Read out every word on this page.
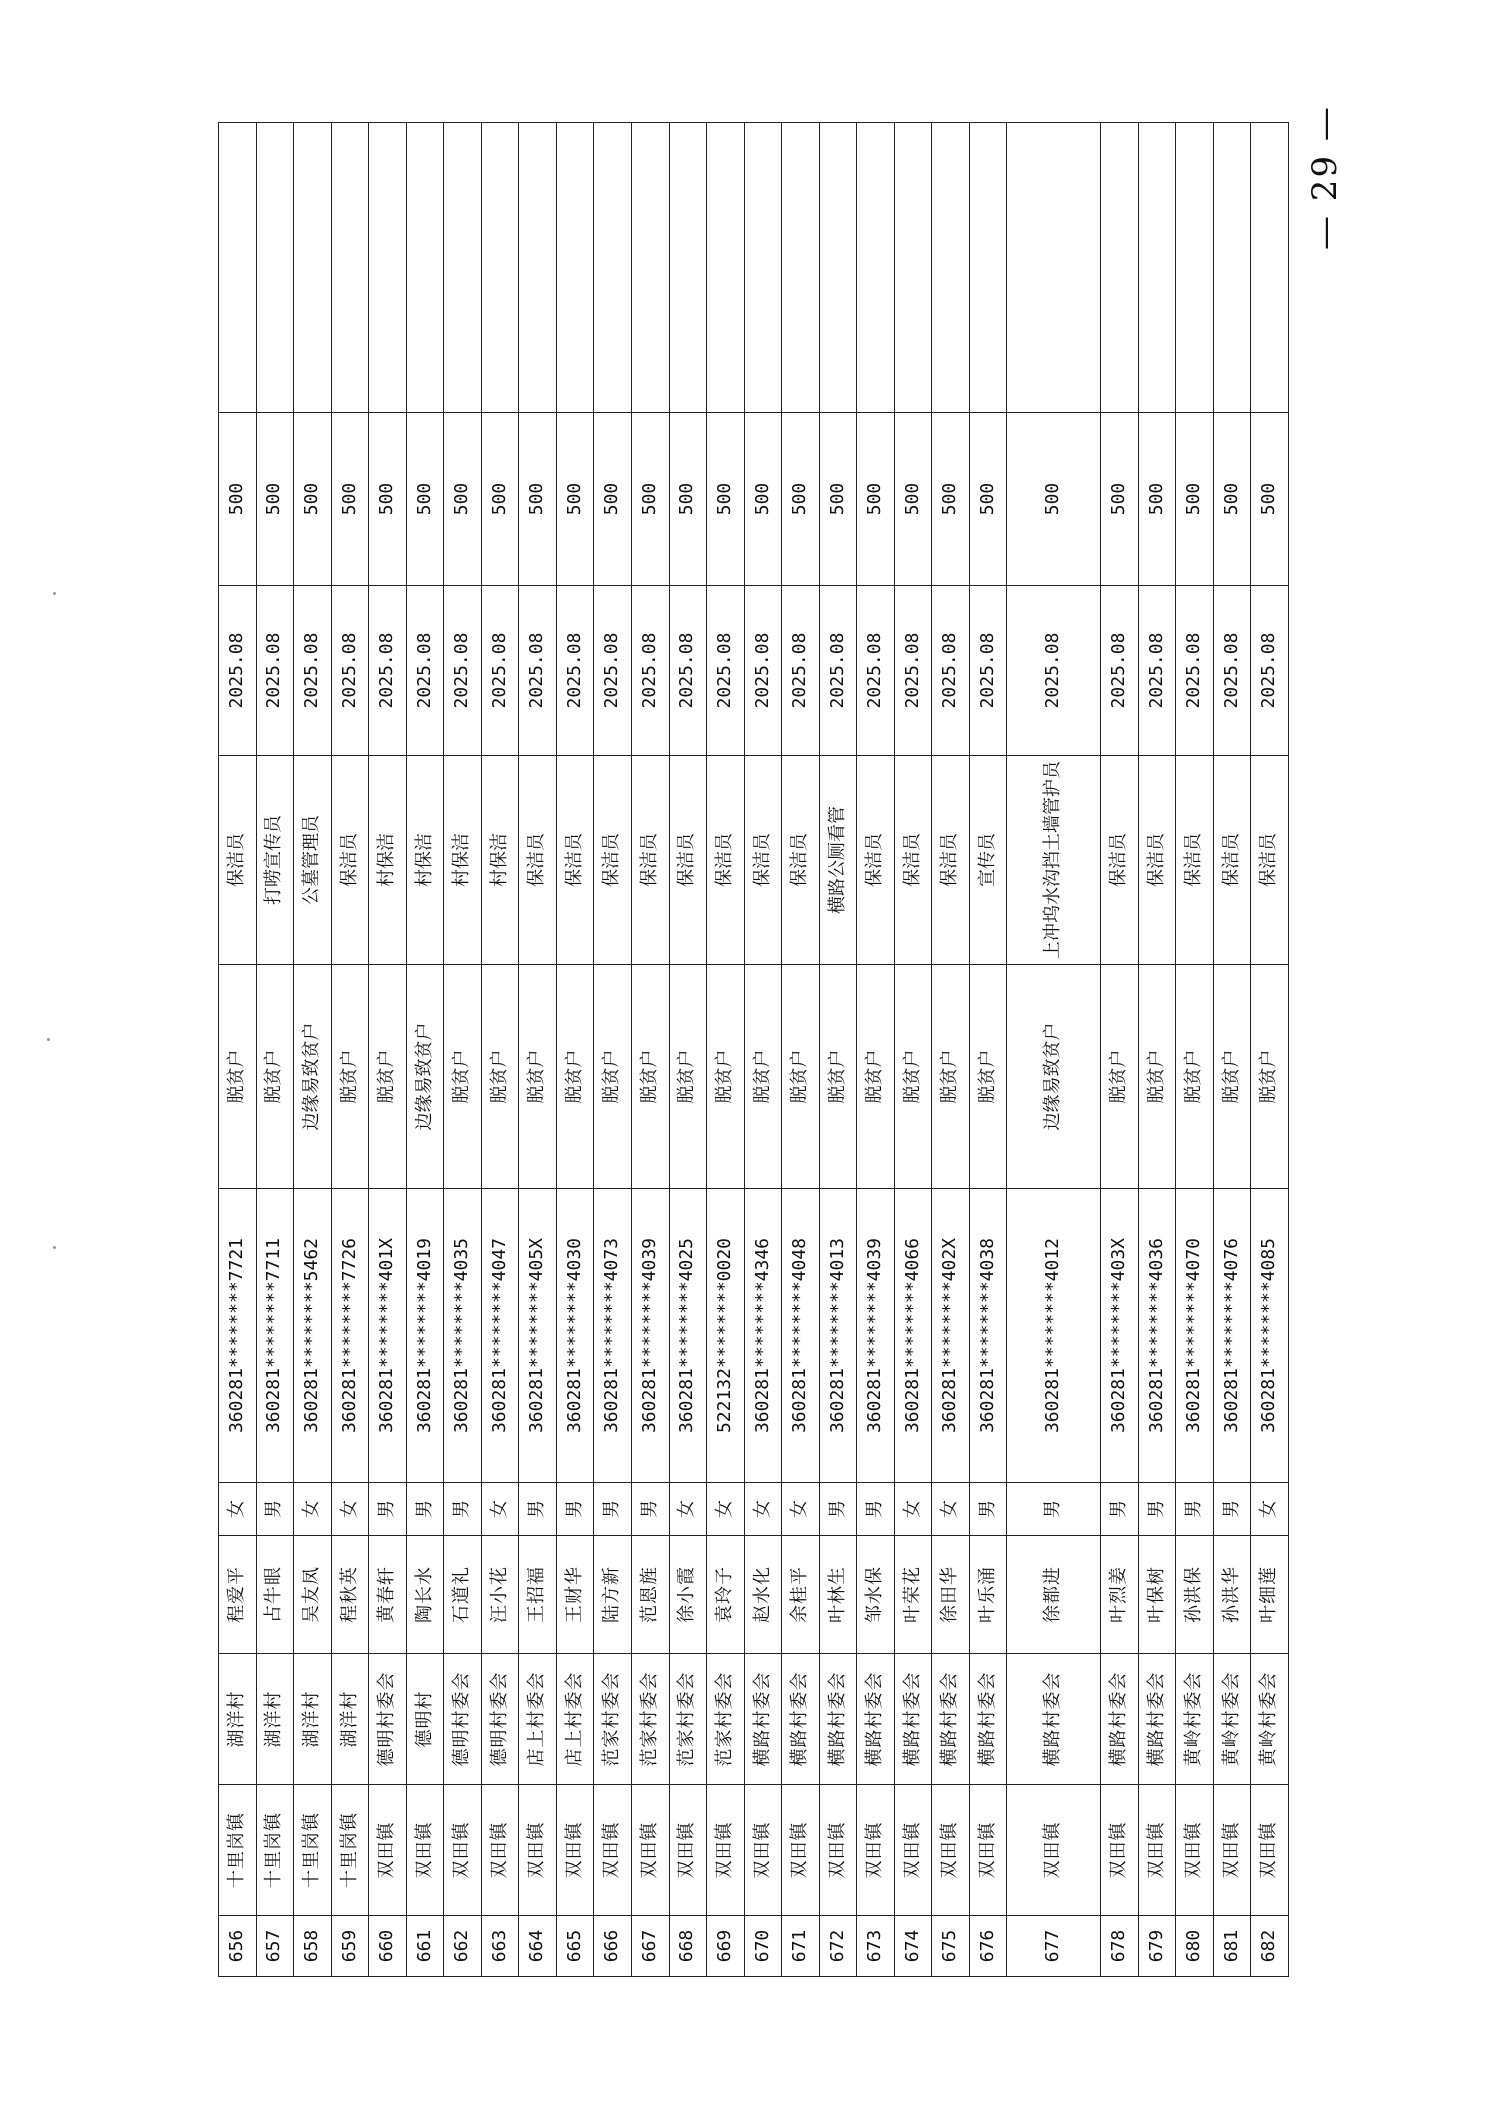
656	十里岗镇	湖洋村	程爱平	女	360281********7721	脱贫户	保洁员	2025.08	500	
657	十里岗镇	湖洋村	占牛眼	男	360281********7711	脱贫户	打唠宣传员	2025.08	500	
658	十里岗镇	湖洋村	吴友凤	女	360281********5462	边缘易致贫户	公墓管理员	2025.08	500	
659	十里岗镇	湖洋村	程秋英	女	360281********7726	脱贫户	保洁员	2025.08	500	
660	双田镇	德明村委会	黄春轩	男	360281********401X	脱贫户	村保洁	2025.08	500	
661	双田镇	德明村	陶长水	男	360281********4019	边缘易致贫户	村保洁	2025.08	500	
662	双田镇	德明村委会	石道礼	男	360281********4035	脱贫户	村保洁	2025.08	500	
663	双田镇	德明村委会	汪小花	女	360281********4047	脱贫户	村保洁	2025.08	500	
664	双田镇	店上村委会	王招福	男	360281********405X	脱贫户	保洁员	2025.08	500	
665	双田镇	店上村委会	王财华	男	360281********4030	脱贫户	保洁员	2025.08	500	
666	双田镇	范家村委会	陆方新	男	360281********4073	脱贫户	保洁员	2025.08	500	
667	双田镇	范家村委会	范恩旌	男	360281********4039	脱贫户	保洁员	2025.08	500	
668	双田镇	范家村委会	徐小霞	女	360281********4025	脱贫户	保洁员	2025.08	500	
669	双田镇	范家村委会	袁玲子	女	522132********0020	脱贫户	保洁员	2025.08	500	
670	双田镇	横路村委会	赵水化	女	360281********4346	脱贫户	保洁员	2025.08	500	
671	双田镇	横路村委会	余桂平	女	360281********4048	脱贫户	保洁员	2025.08	500	
672	双田镇	横路村委会	叶林生	男	360281********4013	脱贫户	横路公厕看管	2025.08	500	
673	双田镇	横路村委会	邹水保	男	360281********4039	脱贫户	保洁员	2025.08	500	
674	双田镇	横路村委会	叶荣花	女	360281********4066	脱贫户	保洁员	2025.08	500	
675	双田镇	横路村委会	徐田华	女	360281********402X	脱贫户	保洁员	2025.08	500	
676	双田镇	横路村委会	叶乐涌	男	360281********4038	脱贫户	宣传员	2025.08	500	
677	双田镇	横路村委会	徐都进	男	360281********4012	边缘易致贫户	上冲坞水沟挡土墙管护员	2025.08	500	
678	双田镇	横路村委会	叶烈姜	男	360281********403X	脱贫户	保洁员	2025.08	500	
679	双田镇	横路村委会	叶保树	男	360281********4036	脱贫户	保洁员	2025.08	500	
680	双田镇	黄岭村委会	孙洪保	男	360281********4070	脱贫户	保洁员	2025.08	500	
681	双田镇	黄岭村委会	孙洪华	男	360281********4076	脱贫户	保洁员	2025.08	500	
682	双田镇	黄岭村委会	叶细莲	女	360281********4085	脱贫户	保洁员	2025.08	500	
— 29 —
